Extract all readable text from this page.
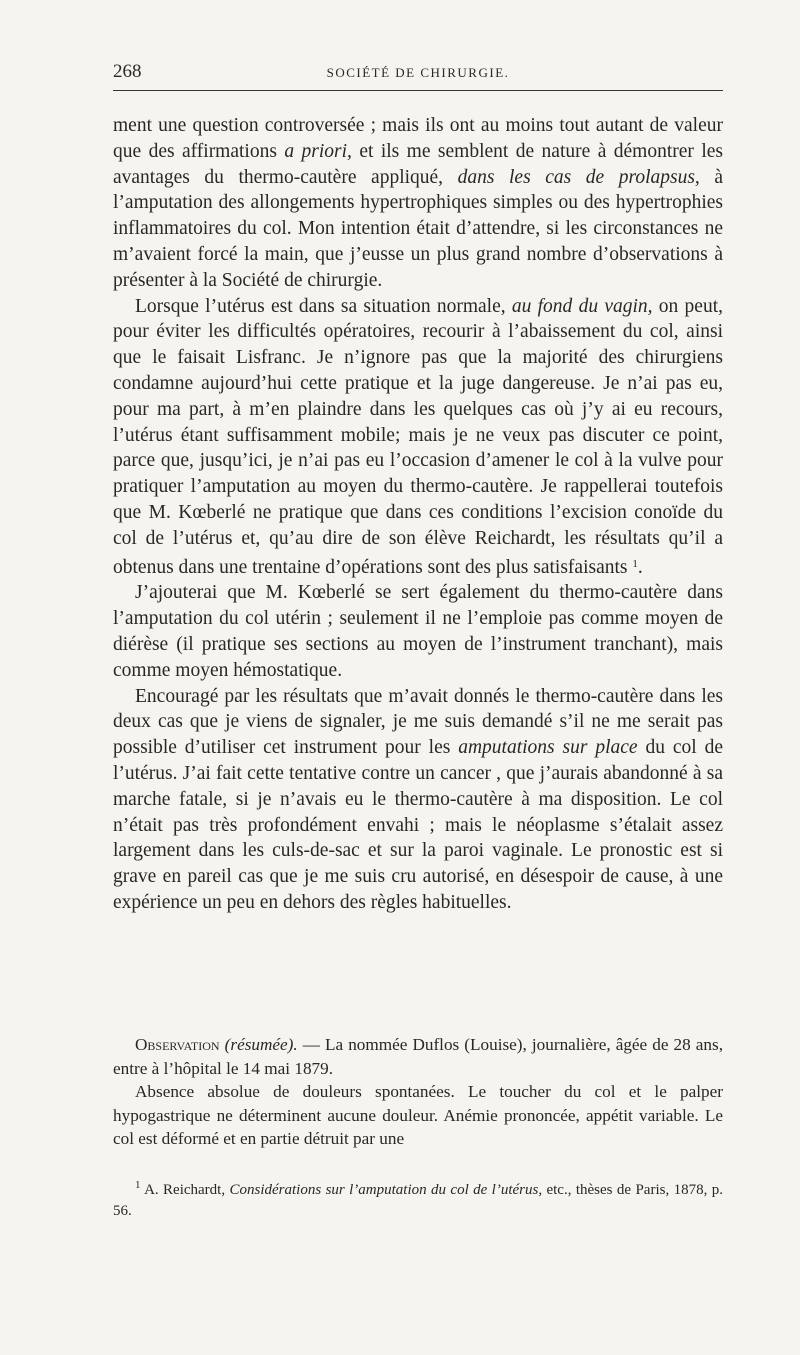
268	SOCIÉTÉ DE CHIRURGIE.

ment une question controversée ; mais ils ont au moins tout autant de valeur que des affirmations a priori, et ils me semblent de nature à démontrer les avantages du thermo-cautère appliqué, dans les cas de prolapsus, à l’amputation des allongements hypertrophiques simples ou des hypertrophies inflammatoires du col. Mon intention était d’attendre, si les circonstances ne m’avaient forcé la main, que j’eusse un plus grand nombre d’observations à présenter à la Société de chirurgie.

Lorsque l’utérus est dans sa situation normale, au fond du vagin, on peut, pour éviter les difficultés opératoires, recourir à l’abaissement du col, ainsi que le faisait Lisfranc. Je n’ignore pas que la majorité des chirurgiens condamne aujourd’hui cette pratique et la juge dangereuse. Je n’ai pas eu, pour ma part, à m’en plaindre dans les quelques cas où j’y ai eu recours, l’utérus étant suffisamment mobile; mais je ne veux pas discuter ce point, parce que, jusqu’ici, je n’ai pas eu l’occasion d’amener le col à la vulve pour pratiquer l’amputation au moyen du thermo-cautère. Je rappellerai toutefois que M. Kœberlé ne pratique que dans ces conditions l’excision conoïde du col de l’utérus et, qu’au dire de son élève Reichardt, les résultats qu’il a obtenus dans une trentaine d’opérations sont des plus satisfaisants $^1$.

J’ajouterai que M. Kœberlé se sert également du thermo-cautère dans l’amputation du col utérin ; seulement il ne l’emploie pas comme moyen de diérèse (il pratique ses sections au moyen de l’instrument tranchant), mais comme moyen hémostatique.

Encouragé par les résultats que m’avait donnés le thermo-cautère dans les deux cas que je viens de signaler, je me suis demandé s’il ne me serait pas possible d’utiliser cet instrument pour les amputations sur place du col de l’utérus. J’ai fait cette tentative contre un cancer , que j’aurais abandonné à sa marche fatale, si je n’avais eu le thermo-cautère à ma disposition. Le col n’était pas très profondément envahi ; mais le néoplasme s’étalait assez largement dans les culs-de-sac et sur la paroi vaginale. Le pronostic est si grave en pareil cas que je me suis cru autorisé, en désespoir de cause, à une expérience un peu en dehors des règles habituelles.

Observation (résumée). — La nommée Duflos (Louise), journalière, âgée de 28 ans, entre à l’hôpital le 14 mai 1879.

Absence absolue de douleurs spontanées. Le toucher du col et le palper hypogastrique ne déterminent aucune douleur. Anémie prononcée, appétit variable. Le col est déformé et en partie détruit par une

$^1$ A. Reichardt, Considérations sur l’amputation du col de l’utérus, etc., thèses de Paris, 1878, p. 56.
